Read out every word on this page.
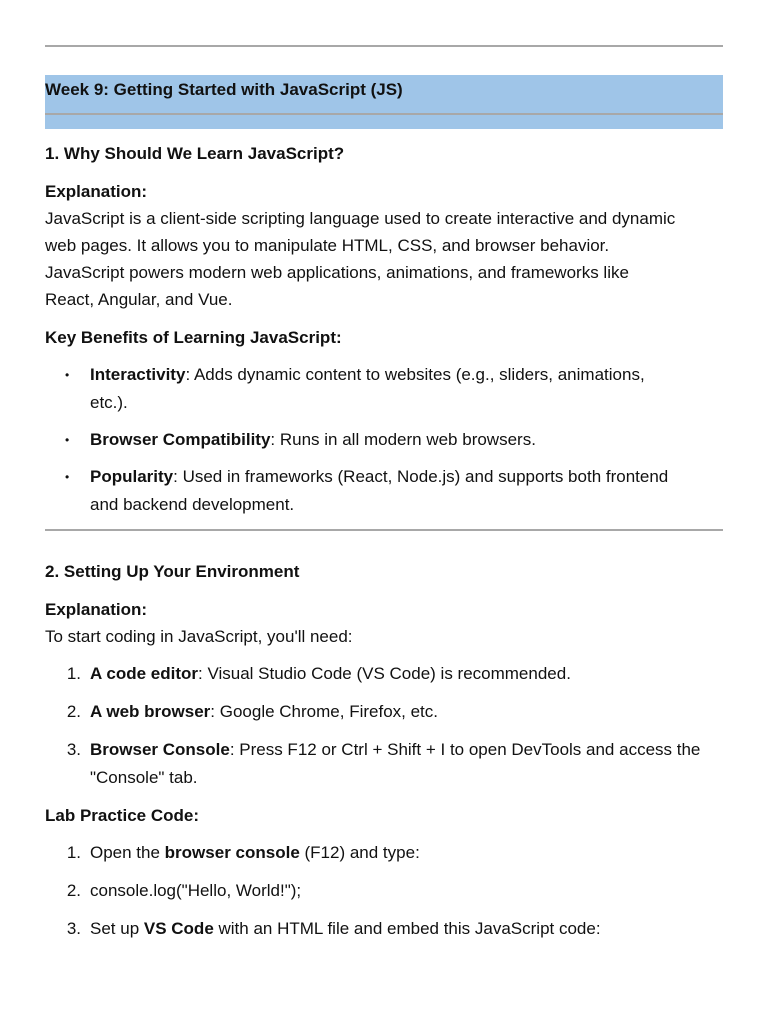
Week 9: Getting Started with JavaScript (JS)
1. Why Should We Learn JavaScript?

Explanation:

JavaScript is a client-side scripting language used to create interactive and dynamic
web pages. It allows you to manipulate HTML, CSS, and browser behavior.
JavaScript powers modern web applications, animations, and frameworks like
React, Angular, and Vue.

Key Benefits of Learning JavaScript:

•	Interactivity: Adds dynamic content to websites (e.g., sliders, animations,
etc.).
•	Browser Compatibility: Runs in all modern web browsers.
•	Popularity: Used in frameworks (React, Node.js) and supports both frontend
and backend development.
2. Setting Up Your Environment

Explanation:

To start coding in JavaScript, you'll need:

1. A code editor: Visual Studio Code (VS Code) is recommended.
2. A web browser: Google Chrome, Firefox, etc.
3. Browser Console: Press F12 or Ctrl + Shift + I to open DevTools and access the
"Console" tab.

Lab Practice Code:

1. Open the browser console (F12) and type:
2. console.log("Hello, World!");
3. Set up VS Code with an HTML file and embed this JavaScript code:
